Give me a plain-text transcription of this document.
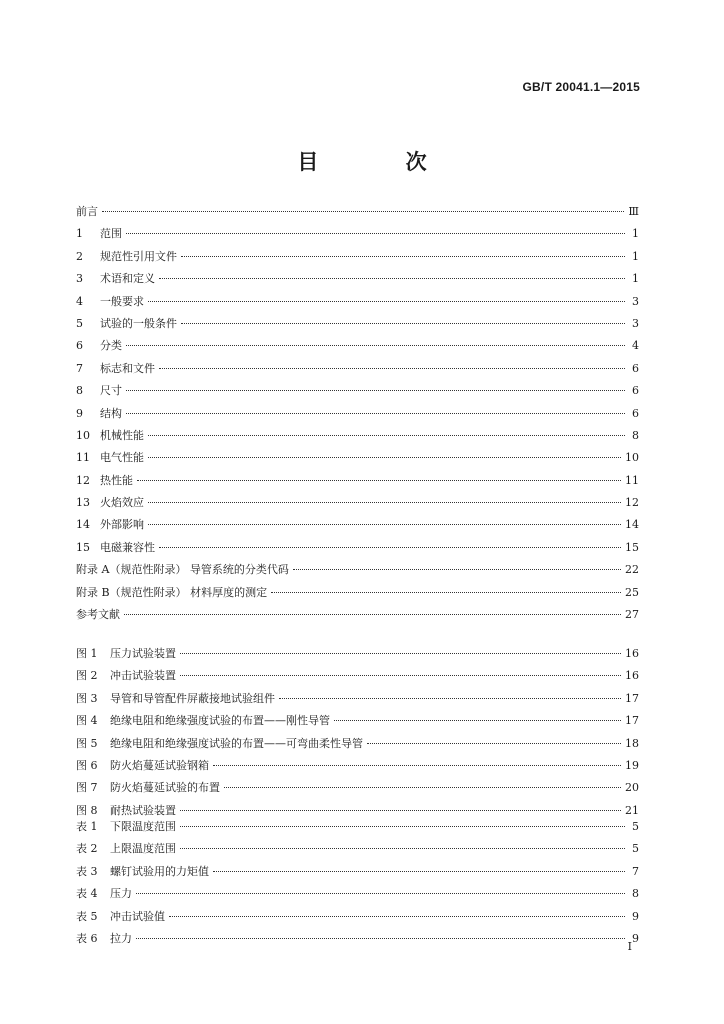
GB/T 20041.1—2015
目 次
前言	Ⅲ
1	范围	1
2	规范性引用文件	1
3	术语和定义	1
4	一般要求	3
5	试验的一般条件	3
6	分类	4
7	标志和文件	6
8	尺寸	6
9	结构	6
10 机械性能	8
11 电气性能	10
12 热性能	11
13 火焰效应	12
14 外部影响	14
15 电磁兼容性	15
附录 A（规范性附录） 导管系统的分类代码	22
附录 B（规范性附录） 材料厚度的测定	25
参考文献	27
图 1	压力试验装置	16
图 2	冲击试验装置	16
图 3	导管和导管配件屏蔽接地试验组件	17
图 4	绝缘电阻和绝缘强度试验的布置——刚性导管	17
图 5	绝缘电阻和绝缘强度试验的布置——可弯曲柔性导管	18
图 6	防火焰蔓延试验钢箱	19
图 7	防火焰蔓延试验的布置	20
图 8	耐热试验装置	21
表 1	下限温度范围	5
表 2	上限温度范围	5
表 3	螺钉试验用的力矩值	7
表 4	压力	8
表 5	冲击试验值	9
表 6	拉力	9
I
